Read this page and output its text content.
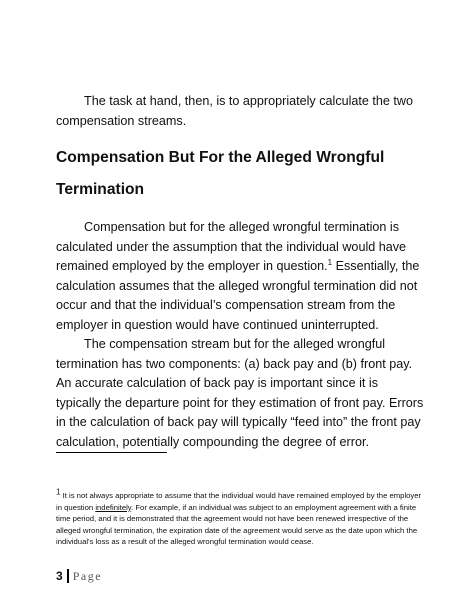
The task at hand, then, is to appropriately calculate the two compensation streams.

Compensation But For the Alleged Wrongful
Termination

Compensation but for the alleged wrongful termination is calculated under the assumption that the individual would have remained employed by the employer in question.$^1$ Essentially, the calculation assumes that the alleged wrongful termination did not occur and that the individual’s compensation stream from the employer in question would have continued uninterrupted.

The compensation stream but for the alleged wrongful termination has two components: (a) back pay and (b) front pay. An accurate calculation of back pay is important since it is typically the departure point for they estimation of front pay. Errors in the calculation of back pay will typically “feed into” the front pay calculation, potentially compounding the degree of error.

$^1$ It is not always appropriate to assume that the individual would have remained employed by the employer in question indefinitely. For example, if an individual was subject to an employment agreement with a finite time period, and it is demonstrated that the agreement would not have been renewed irrespective of the alleged wrongful termination, the expiration date of the agreement would serve as the date upon which the individual’s loss as a result of the alleged wrongful termination would cease.

3 Page
